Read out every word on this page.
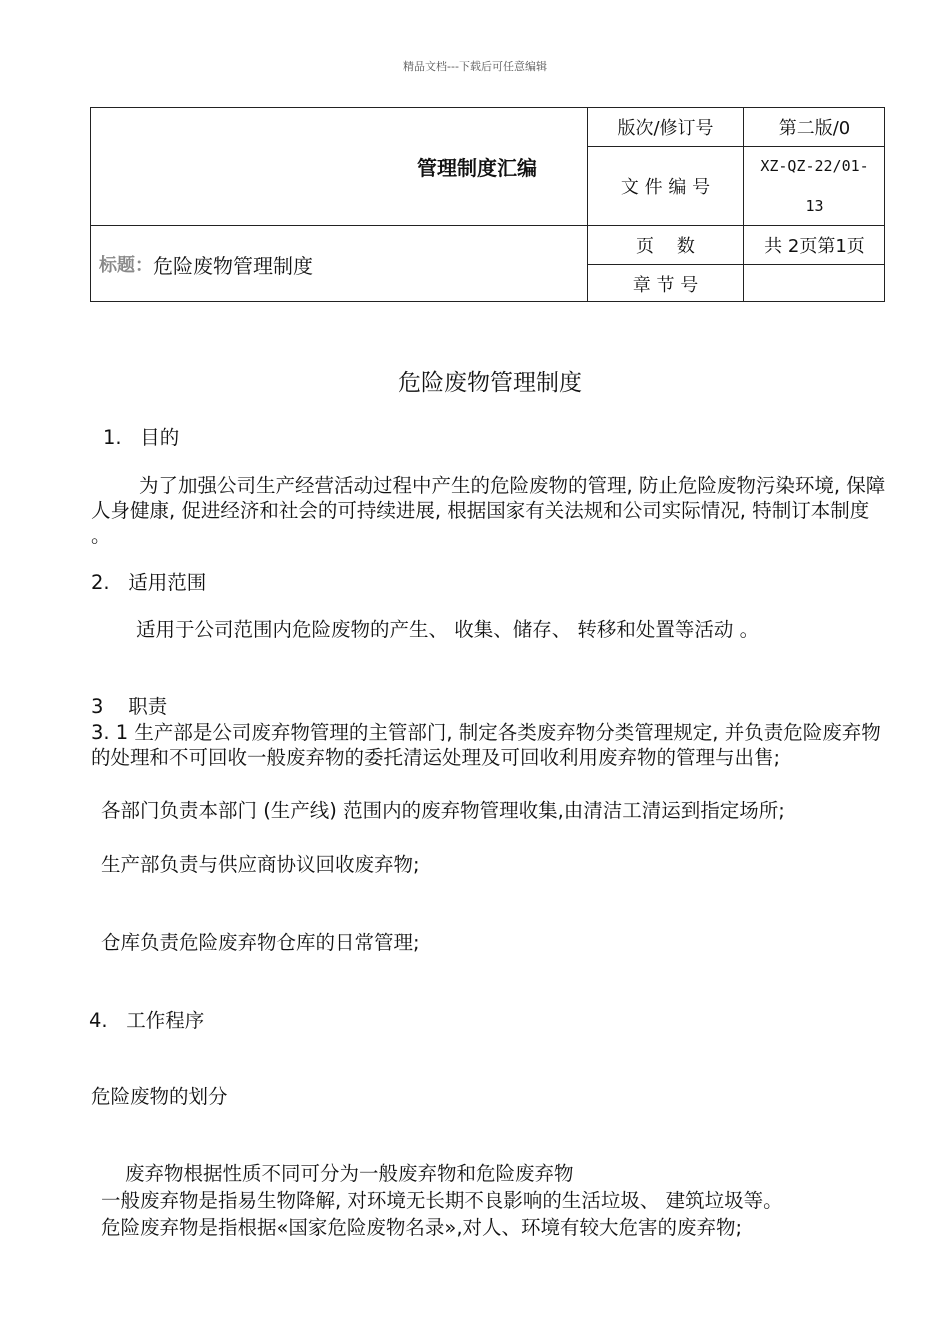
精品文档---下载后可任意编辑
管理制度汇编
版次/修订号	第二版/0
文 件 编 号
XZ-QZ-22/01-
13
标题： 危险废物管理制度
页    数	共 2页第1页
章 节 号
危险废物管理制度
1.   目的
为了加强公司生产经营活动过程中产生的危险废物的管理, 防止危险废物污染环境, 保障人身健康, 促进经济和社会的可持续进展, 根据国家有关法规和公司实际情况, 特制订本制度 。
2.   适用范围
适用于公司范围内危险废物的产生、 收集、储存、 转移和处置等活动 。
3    职责
3. 1 生产部是公司废弃物管理的主管部门, 制定各类废弃物分类管理规定, 并负责危险废弃物的处理和不可回收一般废弃物的委托清运处理及可回收利用废弃物的管理与出售;
各部门负责本部门 (生产线) 范围内的废弃物管理收集,由清洁工清运到指定场所;
生产部负责与供应商协议回收废弃物;
仓库负责危险废弃物仓库的日常管理;
4.   工作程序
危险废物的划分
废弃物根据性质不同可分为一般废弃物和危险废弃物
一般废弃物是指易生物降解, 对环境无长期不良影响的生活垃圾、 建筑垃圾等。
危险废弃物是指根据«国家危险废物名录»,对人、环境有较大危害的废弃物;
